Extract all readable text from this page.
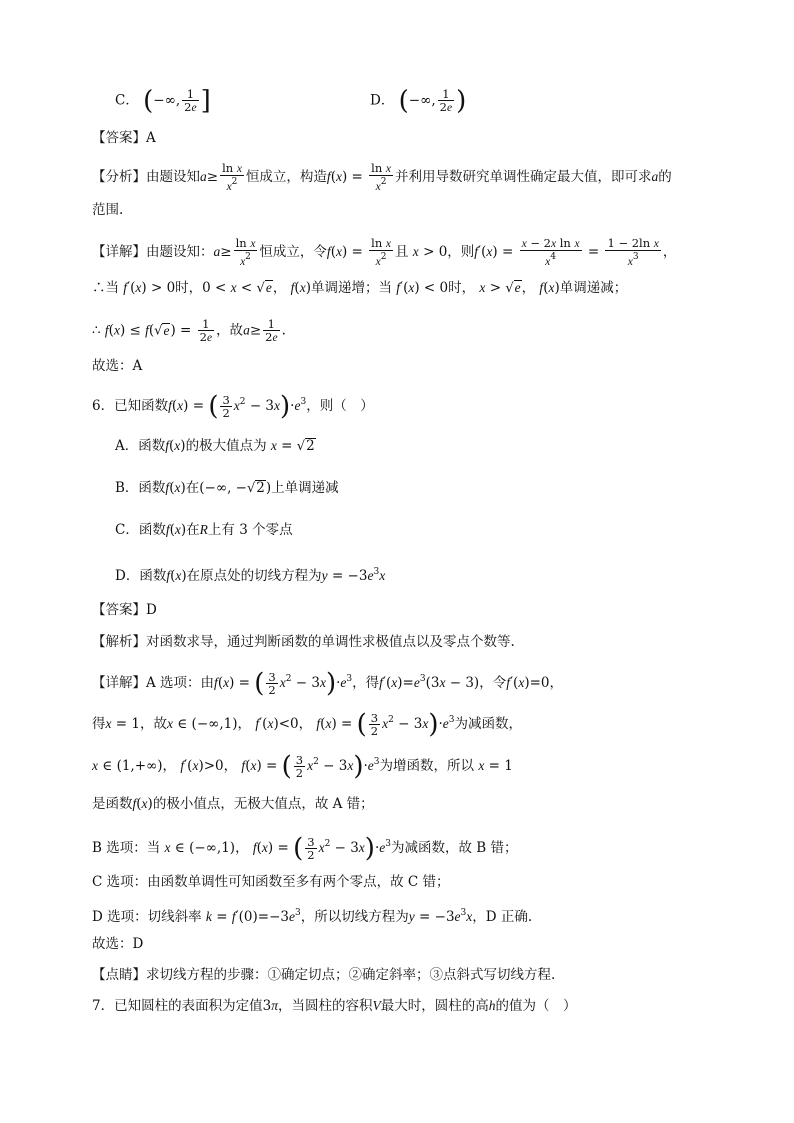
C． (−∞, $\frac{1}{2e}$ ]	D． (−∞, $\frac{1}{2e}$ )
【答案】A
【分析】由题设知$a\ge \frac{\text{ln x}}{x^2}$ 恒成立，构造$f(x) = \frac{\text{ln x}}{x^2}$ 并利用导数研究单调性确定最大值，即可求a的
范围.
【详解】由题设知：$a\ge \frac{\text{ln x}}{x^2}$ 恒成立，令$f(x) = \frac{\text{ln x}}{x^2}$ 且 x > 0，则$f'(x) = \frac{\text{x − 2x ln x}}{x^4} = \frac{\text{1 − 2ln x}}{x^3}$ ，
∴当 f′(x) > 0时，0 < x < √e， f(x)单调递增；当 f′(x) < 0时， x > √e， f(x)单调递减；
∴ $f(x) \le f(√e) = \frac{1}{2e}$ ，故$a\ge \frac{1}{2e}$ .
故选：A
6．已知函数f(x) = ( $\frac{3}{2} x^2 - 3x)\cdot e^3$，则（　）
A．函数f(x)的极大值点为 x = √2
B．函数f(x)在(−∞, −√2)上单调递减
C．函数f(x)在R上有 3 个零点
D．函数f(x)在原点处的切线方程为$y = -3e^3x$
【答案】D
【解析】对函数求导，通过判断函数的单调性求极值点以及零点个数等.
【详解】A 选项：由f(x) = ( $\frac{3}{2} x^2 - 3x)\cdot e^3$，得$f'(x)=e^3(3x - 3)$，令f′(x)=0，
得x = 1，故x ∈ (−∞,1)， f′(x)<0， f(x) = ( $\frac{3}{2} x^2 - 3x)\cdot e^3$为减函数，
x ∈ (1,+∞)， f′(x)>0， f(x) = ( $\frac{3}{2} x^2 - 3x)\cdot e^3$为增函数，所以 x = 1
是函数f(x)的极小值点，无极大值点，故 A 错；
B 选项：当 x ∈ (−∞,1)， f(x) = ( $\frac{3}{2} x^2 - 3x)\cdot e^3$为减函数，故 B 错；
C 选项：由函数单调性可知函数至多有两个零点，故 C 错；
D 选项：切线斜率 $k = f'(0)=-3e^3$，所以切线方程为$y = -3e^3x$，D 正确.
故选：D
【点睛】求切线方程的步骤：①确定切点；②确定斜率；③点斜式写切线方程.
7．已知圆柱的表面积为定值3π，当圆柱的容积V最大时，圆柱的高h的值为（　）
